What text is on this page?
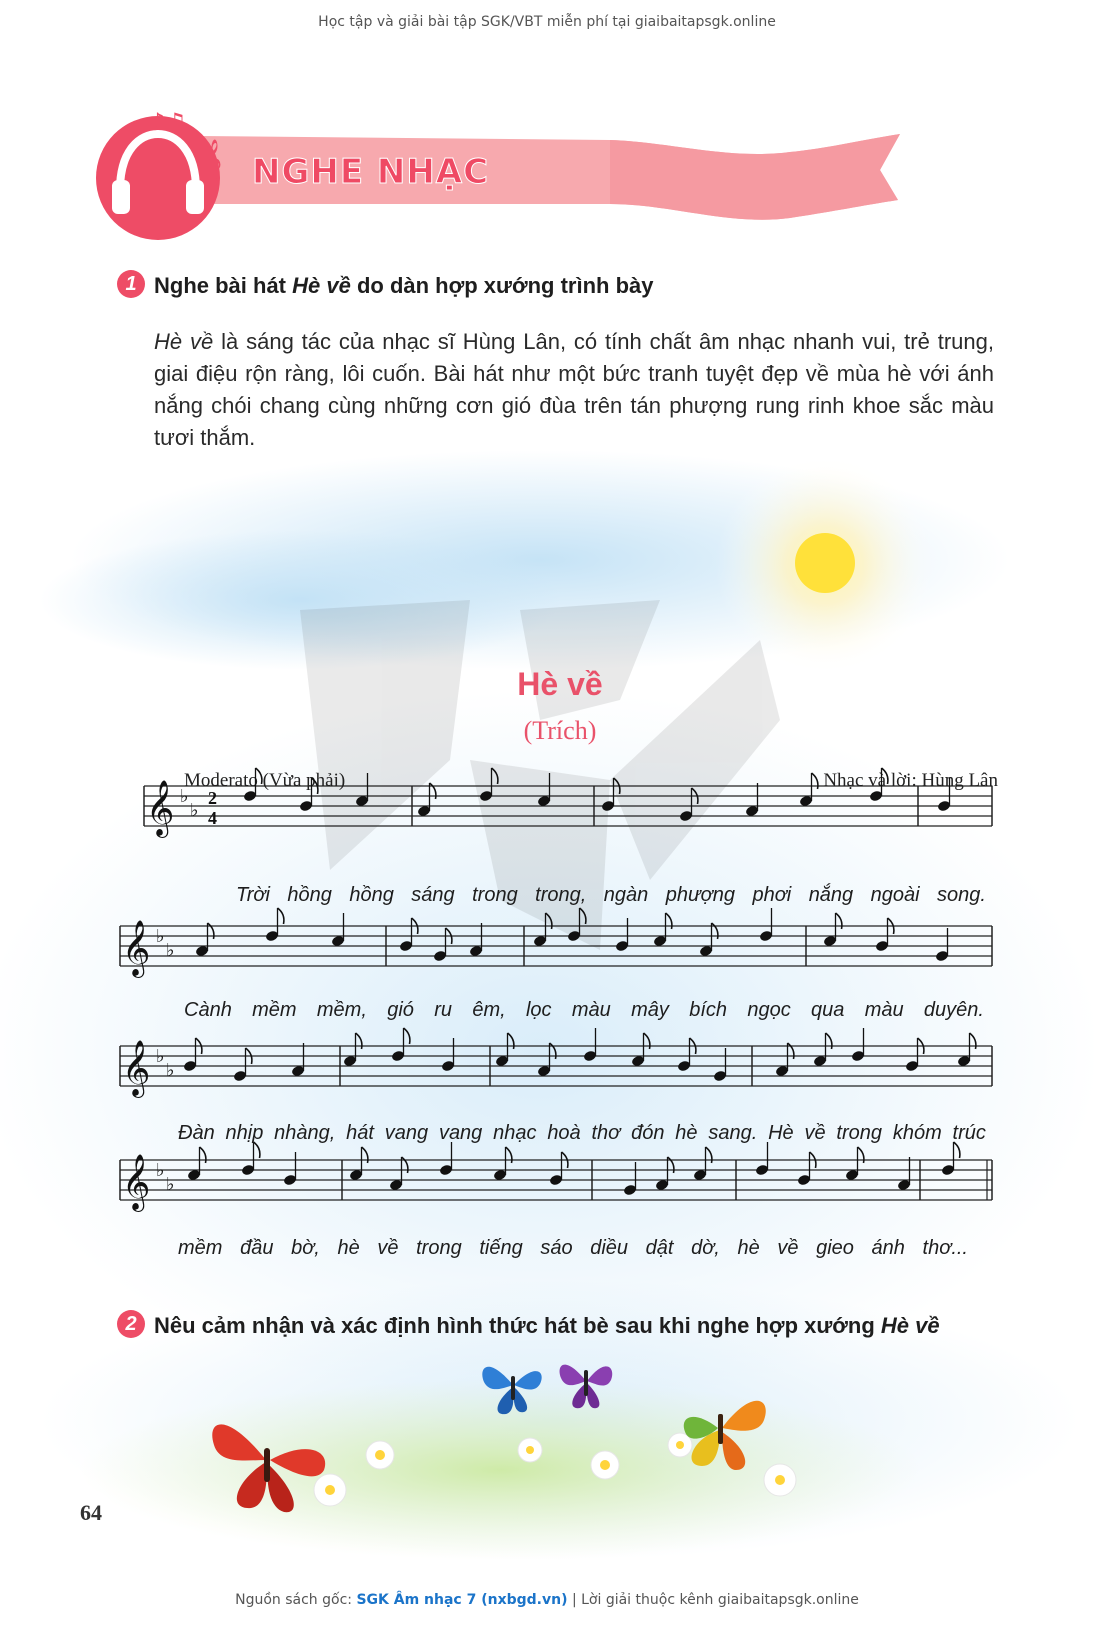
Học tập và giải bài tập SGK/VBT miễn phí tại giaibaitapsgk.online
♪♫
𝄞 NGHE NHẠC
1 Nghe bài hát Hè về do dàn hợp xướng trình bày
Hè về là sáng tác của nhạc sĩ Hùng Lân, có tính chất âm nhạc nhanh vui, trẻ trung, giai điệu rộn ràng, lôi cuốn. Bài hát như một bức tranh tuyệt đẹp về mùa hè với ánh nắng chói chang cùng những cơn gió đùa trên tán phượng rung rinh khoe sắc màu tươi thắm.
Hè về
(Trích)
Moderato (Vừa phải)	Nhạc và lời: Hùng Lân
𝄞 ♭
♭
2
4
𝄞 ♭
♭
𝄞 ♭
♭
𝄞 ♭
♭
Trời hồng hồng sáng trong trong, ngàn phượng phơi nắng ngoài song.
Cành mềm mềm, gió ru êm, lọc màu mây bích ngọc qua màu duyên.
Đàn nhịp nhàng, hát vang vang nhạc hoà thơ đón hè sang. Hè về trong khóm trúc
mềm đầu bờ, hè về trong tiếng sáo diều dật dờ, hè về gieo ánh thơ...
2 Nêu cảm nhận và xác định hình thức hát bè sau khi nghe hợp xướng Hè về
64
Nguồn sách gốc: SGK Âm nhạc 7 (nxbgd.vn) | Lời giải thuộc kênh giaibaitapsgk.online
